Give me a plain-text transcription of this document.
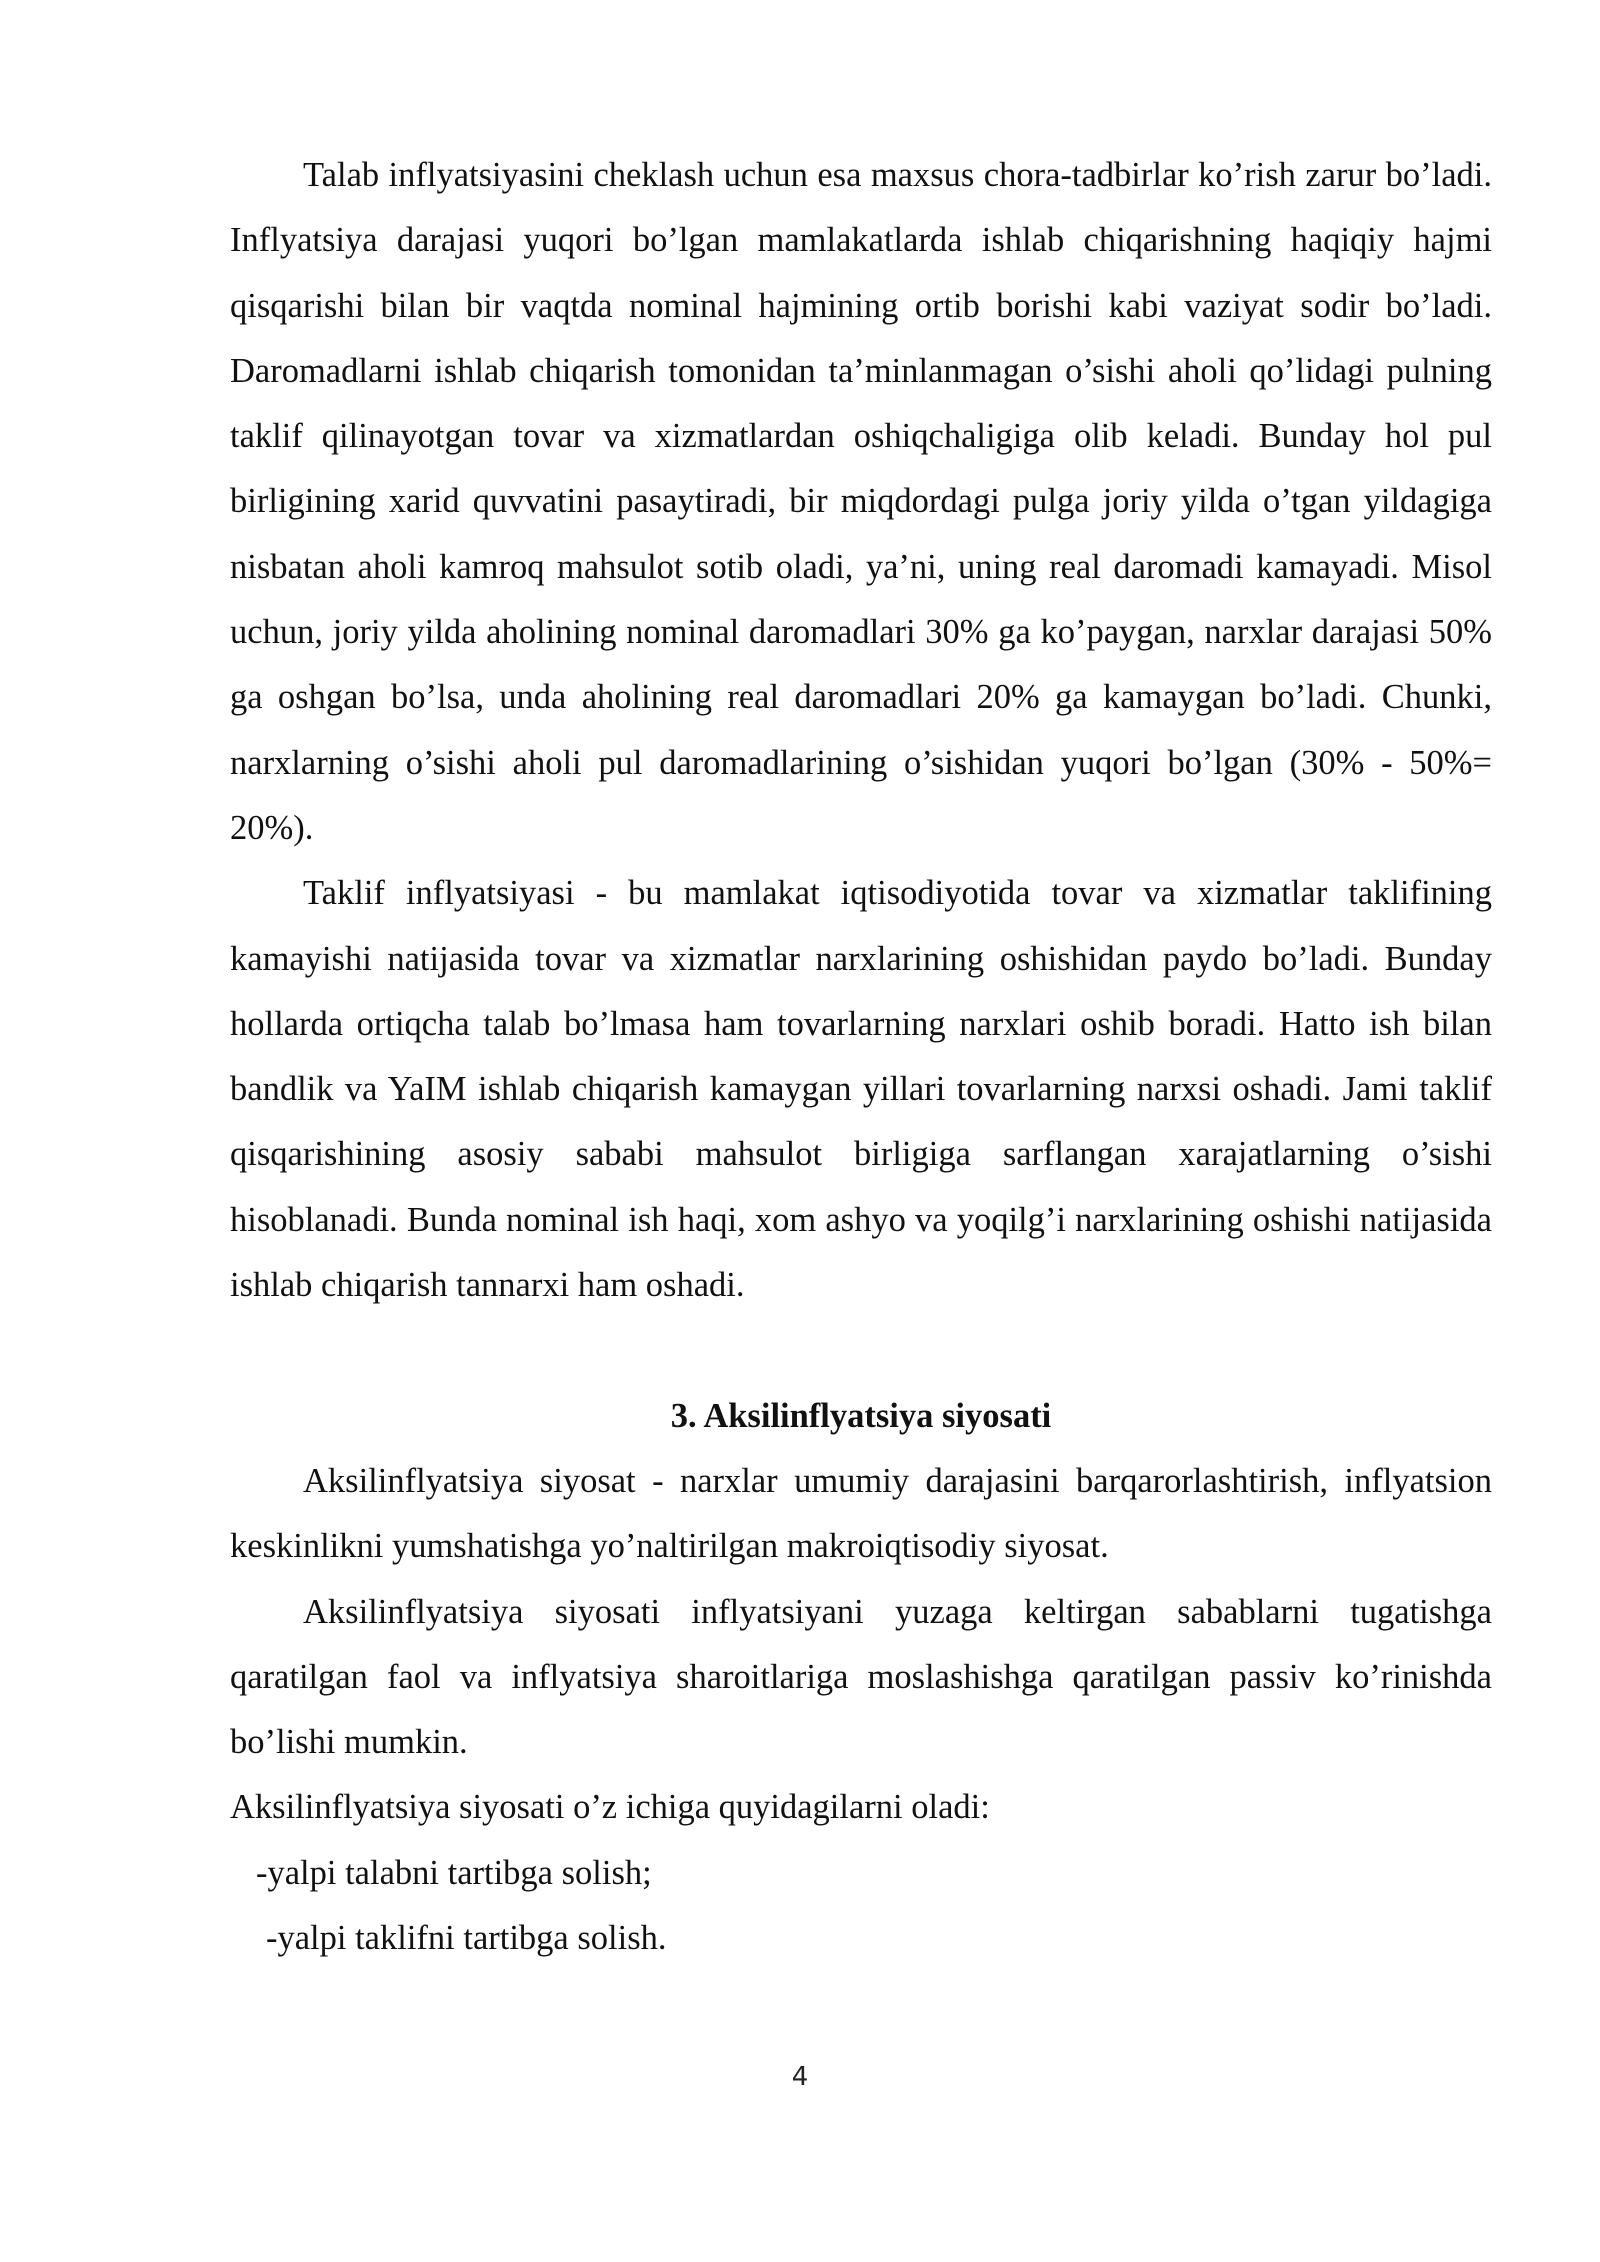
Talab inflyatsiyasini cheklash uchun esa maxsus chora-tadbirlar ko’rish zarur bo’ladi. Inflyatsiya darajasi yuqori bo’lgan mamlakatlarda ishlab chiqarishning haqiqiy hajmi qisqarishi bilan bir vaqtda nominal hajmining ortib borishi kabi vaziyat sodir bo’ladi. Daromadlarni ishlab chiqarish tomonidan ta’minlanmagan o’sishi aholi qo’lidagi pulning taklif qilinayotgan tovar va xizmatlardan oshiqchaligiga olib keladi. Bunday hol pul birligining xarid quvvatini pasaytiradi, bir miqdordagi pulga joriy yilda o’tgan yildagiga nisbatan aholi kamroq mahsulot sotib oladi, ya’ni, uning real daromadi kamayadi. Misol uchun, joriy yilda aholining nominal daromadlari 30% ga ko’paygan, narxlar darajasi 50% ga oshgan bo’lsa, unda aholining real daromadlari 20% ga kamaygan bo’ladi. Chunki, narxlarning o’sishi aholi pul daromadlarining o’sishidan yuqori bo’lgan (30% - 50%= 20%).

Taklif inflyatsiyasi - bu mamlakat iqtisodiyotida tovar va xizmatlar taklifining kamayishi natijasida tovar va xizmatlar narxlarining oshishidan paydo bo’ladi. Bunday hollarda ortiqcha talab bo’lmasa ham tovarlarning narxlari oshib boradi. Hatto ish bilan bandlik va YaIM ishlab chiqarish kamaygan yillari tovarlarning narxsi oshadi. Jami taklif qisqarishining asosiy sababi mahsulot birligiga sarflangan xarajatlarning o’sishi hisoblanadi. Bunda nominal ish haqi, xom ashyo va yoqilg’i narxlarining oshishi natijasida ishlab chiqarish tannarxi ham oshadi.

3. Aksilinflyatsiya siyosati

Aksilinflyatsiya siyosat - narxlar umumiy darajasini barqarorlashtirish, inflyatsion keskinlikni yumshatishga yo’naltirilgan makroiqtisodiy siyosat.

Aksilinflyatsiya siyosati inflyatsiyani yuzaga keltirgan sabablarni tugatishga qaratilgan faol va inflyatsiya sharoitlariga moslashishga qaratilgan passiv ko’rinishda bo’lishi mumkin.

Aksilinflyatsiya siyosati o’z ichiga quyidagilarni oladi:

-yalpi talabni tartibga solish;

-yalpi taklifni tartibga solish.

4
